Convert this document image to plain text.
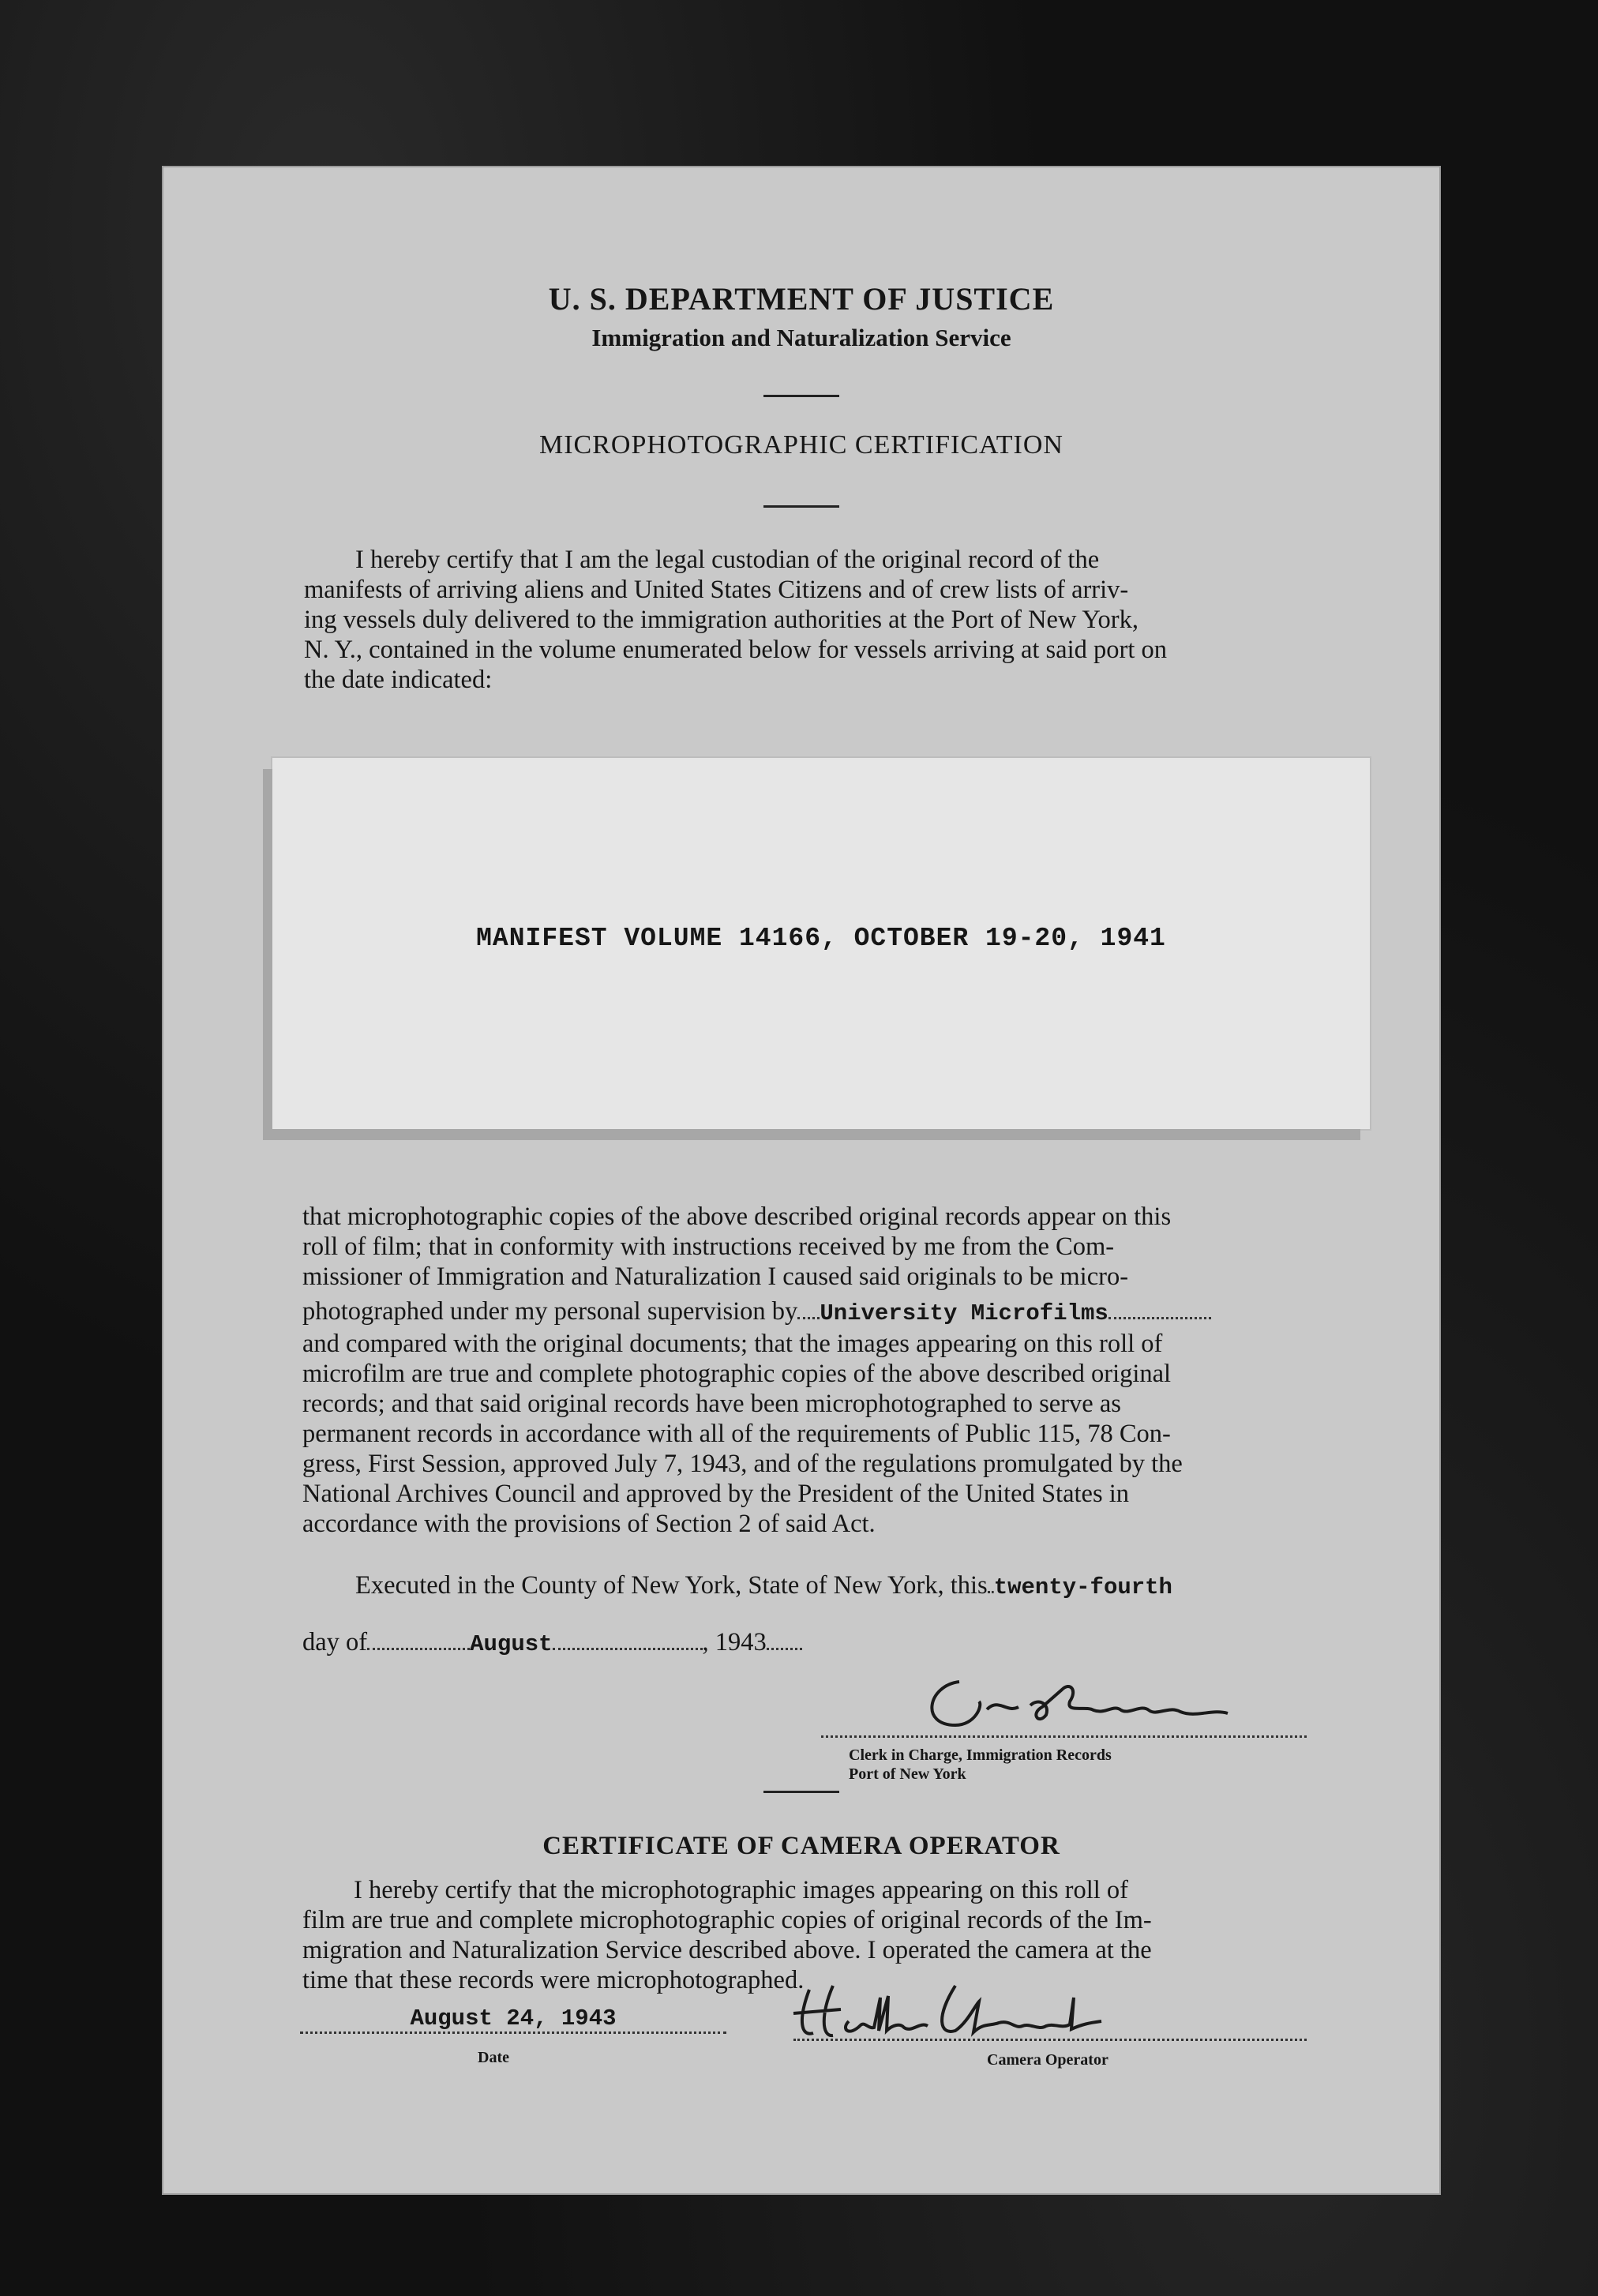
U. S. DEPARTMENT OF JUSTICE
Immigration and Naturalization Service
MICROPHOTOGRAPHIC CERTIFICATION
I hereby certify that I am the legal custodian of the original record of the
manifests of arriving aliens and United States Citizens and of crew lists of arriv-
ing vessels duly delivered to the immigration authorities at the Port of New York,
N. Y., contained in the volume enumerated below for vessels arriving at said port on
the date indicated:
MANIFEST VOLUME 14166, OCTOBER 19-20, 1941
that microphotographic copies of the above described original records appear on this
roll of film; that in conformity with instructions received by me from the Com-
missioner of Immigration and Naturalization I caused said originals to be micro-
photographed under my personal supervision by University Microfilms
and compared with the original documents; that the images appearing on this roll of
microfilm are true and complete photographic copies of the above described original
records; and that said original records have been microphotographed to serve as
permanent records in accordance with all of the requirements of Public 115, 78 Con-
gress, First Session, approved July 7, 1943, and of the regulations promulgated by the
National Archives Council and approved by the President of the United States in
accordance with the provisions of Section 2 of said Act.
Executed in the County of New York, State of New York, this twenty-fourth
day of	August	, 1943
Clerk in Charge, Immigration Records
Port of New York
CERTIFICATE OF CAMERA OPERATOR
I hereby certify that the microphotographic images appearing on this roll of
film are true and complete microphotographic copies of original records of the Im-
migration and Naturalization Service described above. I operated the camera at the
time that these records were microphotographed.
August 24, 1943
Date	Camera Operator
